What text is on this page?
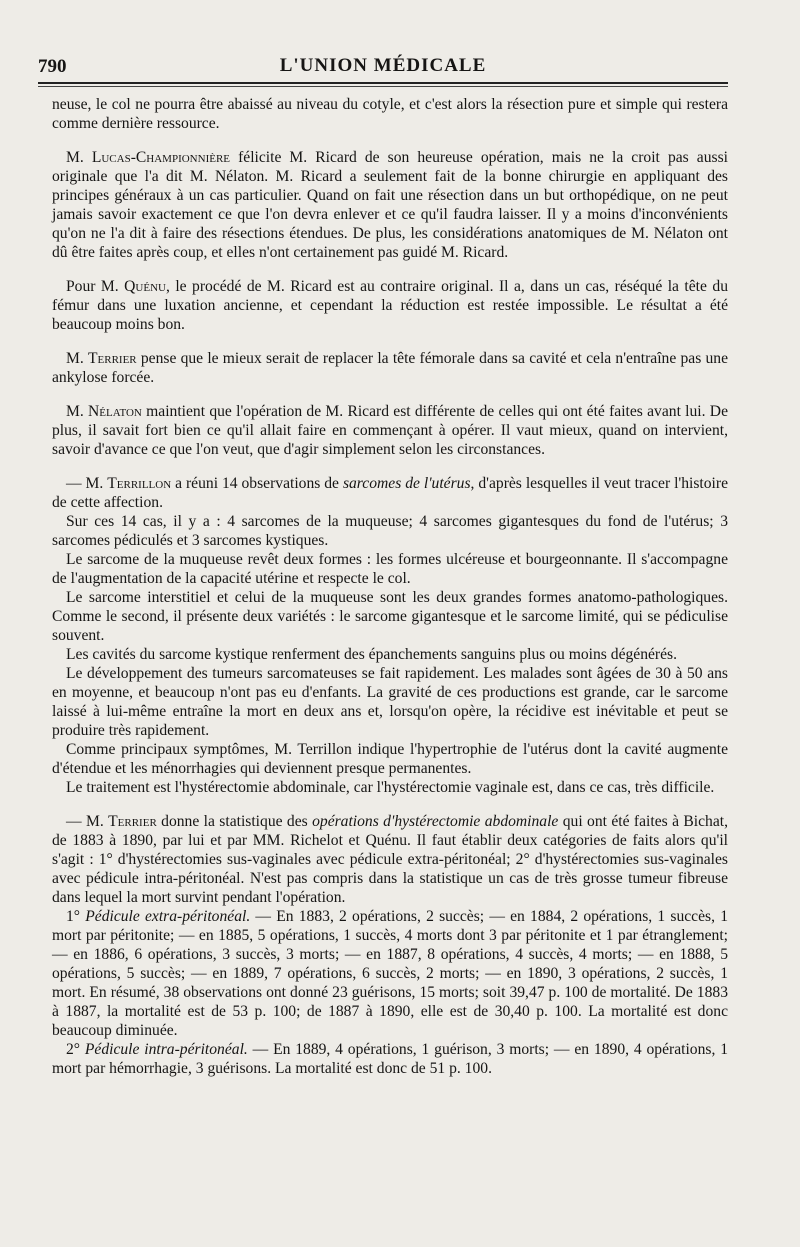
790	L'UNION MÉDICALE

neuse, le col ne pourra être abaissé au niveau du cotyle, et c'est alors la résection pure et simple qui restera comme dernière ressource.

M. Lucas-Championnière félicite M. Ricard de son heureuse opération, mais ne la croit pas aussi originale que l'a dit M. Nélaton. M. Ricard a seulement fait de la bonne chirurgie en appliquant des principes généraux à un cas particulier. Quand on fait une résection dans un but orthopédique, on ne peut jamais savoir exactement ce que l'on devra enlever et ce qu'il faudra laisser. Il y a moins d'inconvénients qu'on ne l'a dit à faire des résections étendues. De plus, les considérations anatomiques de M. Nélaton ont dû être faites après coup, et elles n'ont certainement pas guidé M. Ricard.

Pour M. Quénu, le procédé de M. Ricard est au contraire original. Il a, dans un cas, réséqué la tête du fémur dans une luxation ancienne, et cependant la réduction est restée impossible. Le résultat a été beaucoup moins bon.

M. Terrier pense que le mieux serait de replacer la tête fémorale dans sa cavité et cela n'entraîne pas une ankylose forcée.

M. Nélaton maintient que l'opération de M. Ricard est différente de celles qui ont été faites avant lui. De plus, il savait fort bien ce qu'il allait faire en commençant à opérer. Il vaut mieux, quand on intervient, savoir d'avance ce que l'on veut, que d'agir simplement selon les circonstances.

— M. Terrillon a réuni 14 observations de sarcomes de l'utérus, d'après lesquelles il veut tracer l'histoire de cette affection.

Sur ces 14 cas, il y a : 4 sarcomes de la muqueuse; 4 sarcomes gigantesques du fond de l'utérus; 3 sarcomes pédiculés et 3 sarcomes kystiques.

Le sarcome de la muqueuse revêt deux formes : les formes ulcéreuse et bourgeonnante. Il s'accompagne de l'augmentation de la capacité utérine et respecte le col.

Le sarcome interstitiel et celui de la muqueuse sont les deux grandes formes anatomo-pathologiques. Comme le second, il présente deux variétés : le sarcome gigantesque et le sarcome limité, qui se pédiculise souvent.

Les cavités du sarcome kystique renferment des épanchements sanguins plus ou moins dégénérés.

Le développement des tumeurs sarcomateuses se fait rapidement. Les malades sont âgées de 30 à 50 ans en moyenne, et beaucoup n'ont pas eu d'enfants. La gravité de ces productions est grande, car le sarcome laissé à lui-même entraîne la mort en deux ans et, lorsqu'on opère, la récidive est inévitable et peut se produire très rapidement.

Comme principaux symptômes, M. Terrillon indique l'hypertrophie de l'utérus dont la cavité augmente d'étendue et les ménorrhagies qui deviennent presque permanentes.

Le traitement est l'hystérectomie abdominale, car l'hystérectomie vaginale est, dans ce cas, très difficile.

— M. Terrier donne la statistique des opérations d'hystérectomie abdominale qui ont été faites à Bichat, de 1883 à 1890, par lui et par MM. Richelot et Quénu. Il faut établir deux catégories de faits alors qu'il s'agit : 1° d'hystérectomies sus-vaginales avec pédicule extra-péritonéal; 2° d'hystérectomies sus-vaginales avec pédicule intra-péritonéal. N'est pas compris dans la statistique un cas de très grosse tumeur fibreuse dans lequel la mort survint pendant l'opération.

1° Pédicule extra-péritonéal. — En 1883, 2 opérations, 2 succès; — en 1884, 2 opérations, 1 succès, 1 mort par péritonite; — en 1885, 5 opérations, 1 succès, 4 morts dont 3 par péritonite et 1 par étranglement; — en 1886, 6 opérations, 3 succès, 3 morts; — en 1887, 8 opérations, 4 succès, 4 morts; — en 1888, 5 opérations, 5 succès; — en 1889, 7 opérations, 6 succès, 2 morts; — en 1890, 3 opérations, 2 succès, 1 mort. En résumé, 38 observations ont donné 23 guérisons, 15 morts; soit 39,47 p. 100 de mortalité. De 1883 à 1887, la mortalité est de 53 p. 100; de 1887 à 1890, elle est de 30,40 p. 100. La mortalité est donc beaucoup diminuée.

2° Pédicule intra-péritonéal. — En 1889, 4 opérations, 1 guérison, 3 morts; — en 1890, 4 opérations, 1 mort par hémorrhagie, 3 guérisons. La mortalité est donc de 51 p. 100.
